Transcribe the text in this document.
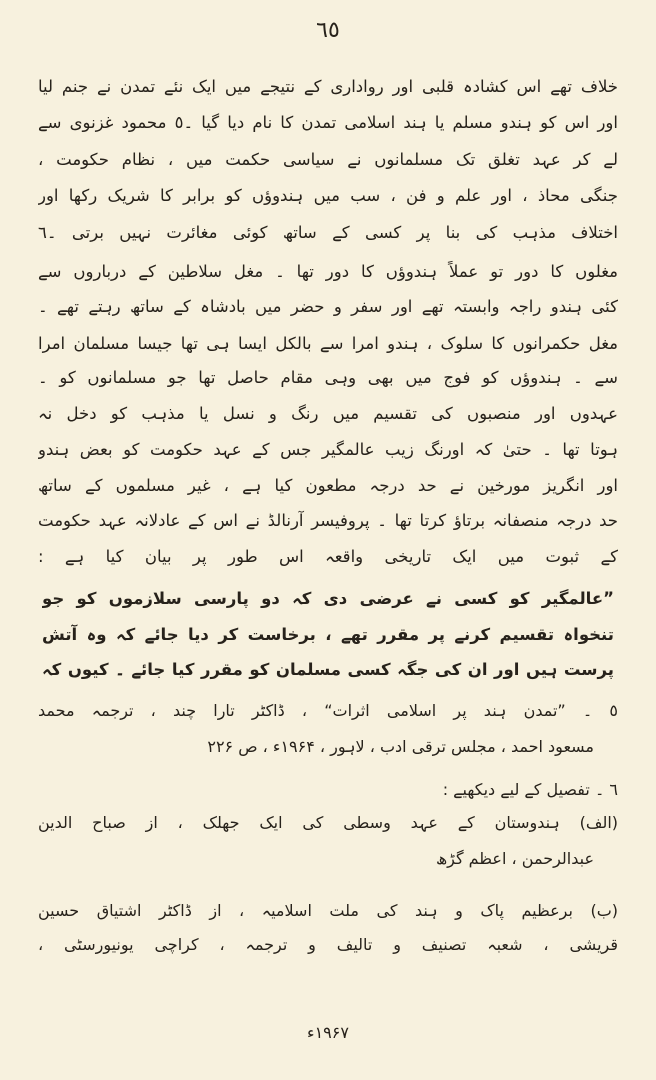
٦٥
خلاف تھے اس کشادہ قلبی اور رواداری کے نتیجے میں ایک نئے تمدن نے جنم لیا
اور اس کو ہندو مسلم یا ہند اسلامی تمدن کا نام دیا گیا ۔٥ محمود غزنوی سے
لے کر عہد تغلق تک مسلمانوں نے سیاسی حکمت میں ، نظام حکومت ،
جنگی محاذ ، اور علم و فن ، سب میں ہندوؤں کو برابر کا شریک رکھا اور
اختلاف مذہب کی بنا پر کسی کے ساتھ کوئی مغائرت نہیں برتی ۔٦
مغلوں کا دور تو عملاً ہندوؤں کا دور تھا ۔ مغل سلاطین کے درباروں سے
کئی ہندو راجہ وابستہ تھے اور سفر و حضر میں بادشاہ کے ساتھ رہتے تھے ۔
مغل حکمرانوں کا سلوک ، ہندو امرا سے بالکل ایسا ہی تھا جیسا مسلمان امرا
سے ۔ ہندوؤں کو فوج میں بھی وہی مقام حاصل تھا جو مسلمانوں کو ۔
عہدوں اور منصبوں کی تقسیم میں رنگ و نسل یا مذہب کو دخل نہ
ہوتا تھا ۔ حتیٰ کہ اورنگ زیب عالمگیر جس کے عہد حکومت کو بعض ہندو
اور انگریز مورخین نے حد درجہ مطعون کیا ہے ، غیر مسلموں کے ساتھ
حد درجہ منصفانہ برتاؤ کرتا تھا ۔ پروفیسر آرنالڈ نے اس کے عادلانہ عہد حکومت
کے ثبوت میں ایک تاریخی واقعہ اس طور پر بیان کیا ہے :
”عالمگیر کو کسی نے عرضی دی کہ دو پارسی سلازموں کو جو
تنخواہ تقسیم کرنے پر مقرر تھے ، برخاست کر دیا جائے کہ وہ آتش
پرست ہیں اور ان کی جگہ کسی مسلمان کو مقرر کیا جائے ۔ کیوں کہ
٥ ۔ ”تمدن ہند پر اسلامی اثرات“ ، ڈاکٹر تارا چند ، ترجمہ محمد
مسعود احمد ، مجلس ترقی ادب ، لاہور ، ۱۹۶۴ء ، ص ۲۲۶
٦ ۔ تفصیل کے لیے دیکھیے :
(الف) ہندوستان کے عہد وسطی کی ایک جھلک ، از صباح الدین
عبدالرحمن ، اعظم گڑھ
(ب) برعظیم پاک و ہند کی ملت اسلامیہ ، از ڈاکٹر اشتیاق حسین
قریشی ، شعبہ تصنیف و تالیف و ترجمہ ، کراچی یونیورسٹی ،
۱۹۶۷ء
